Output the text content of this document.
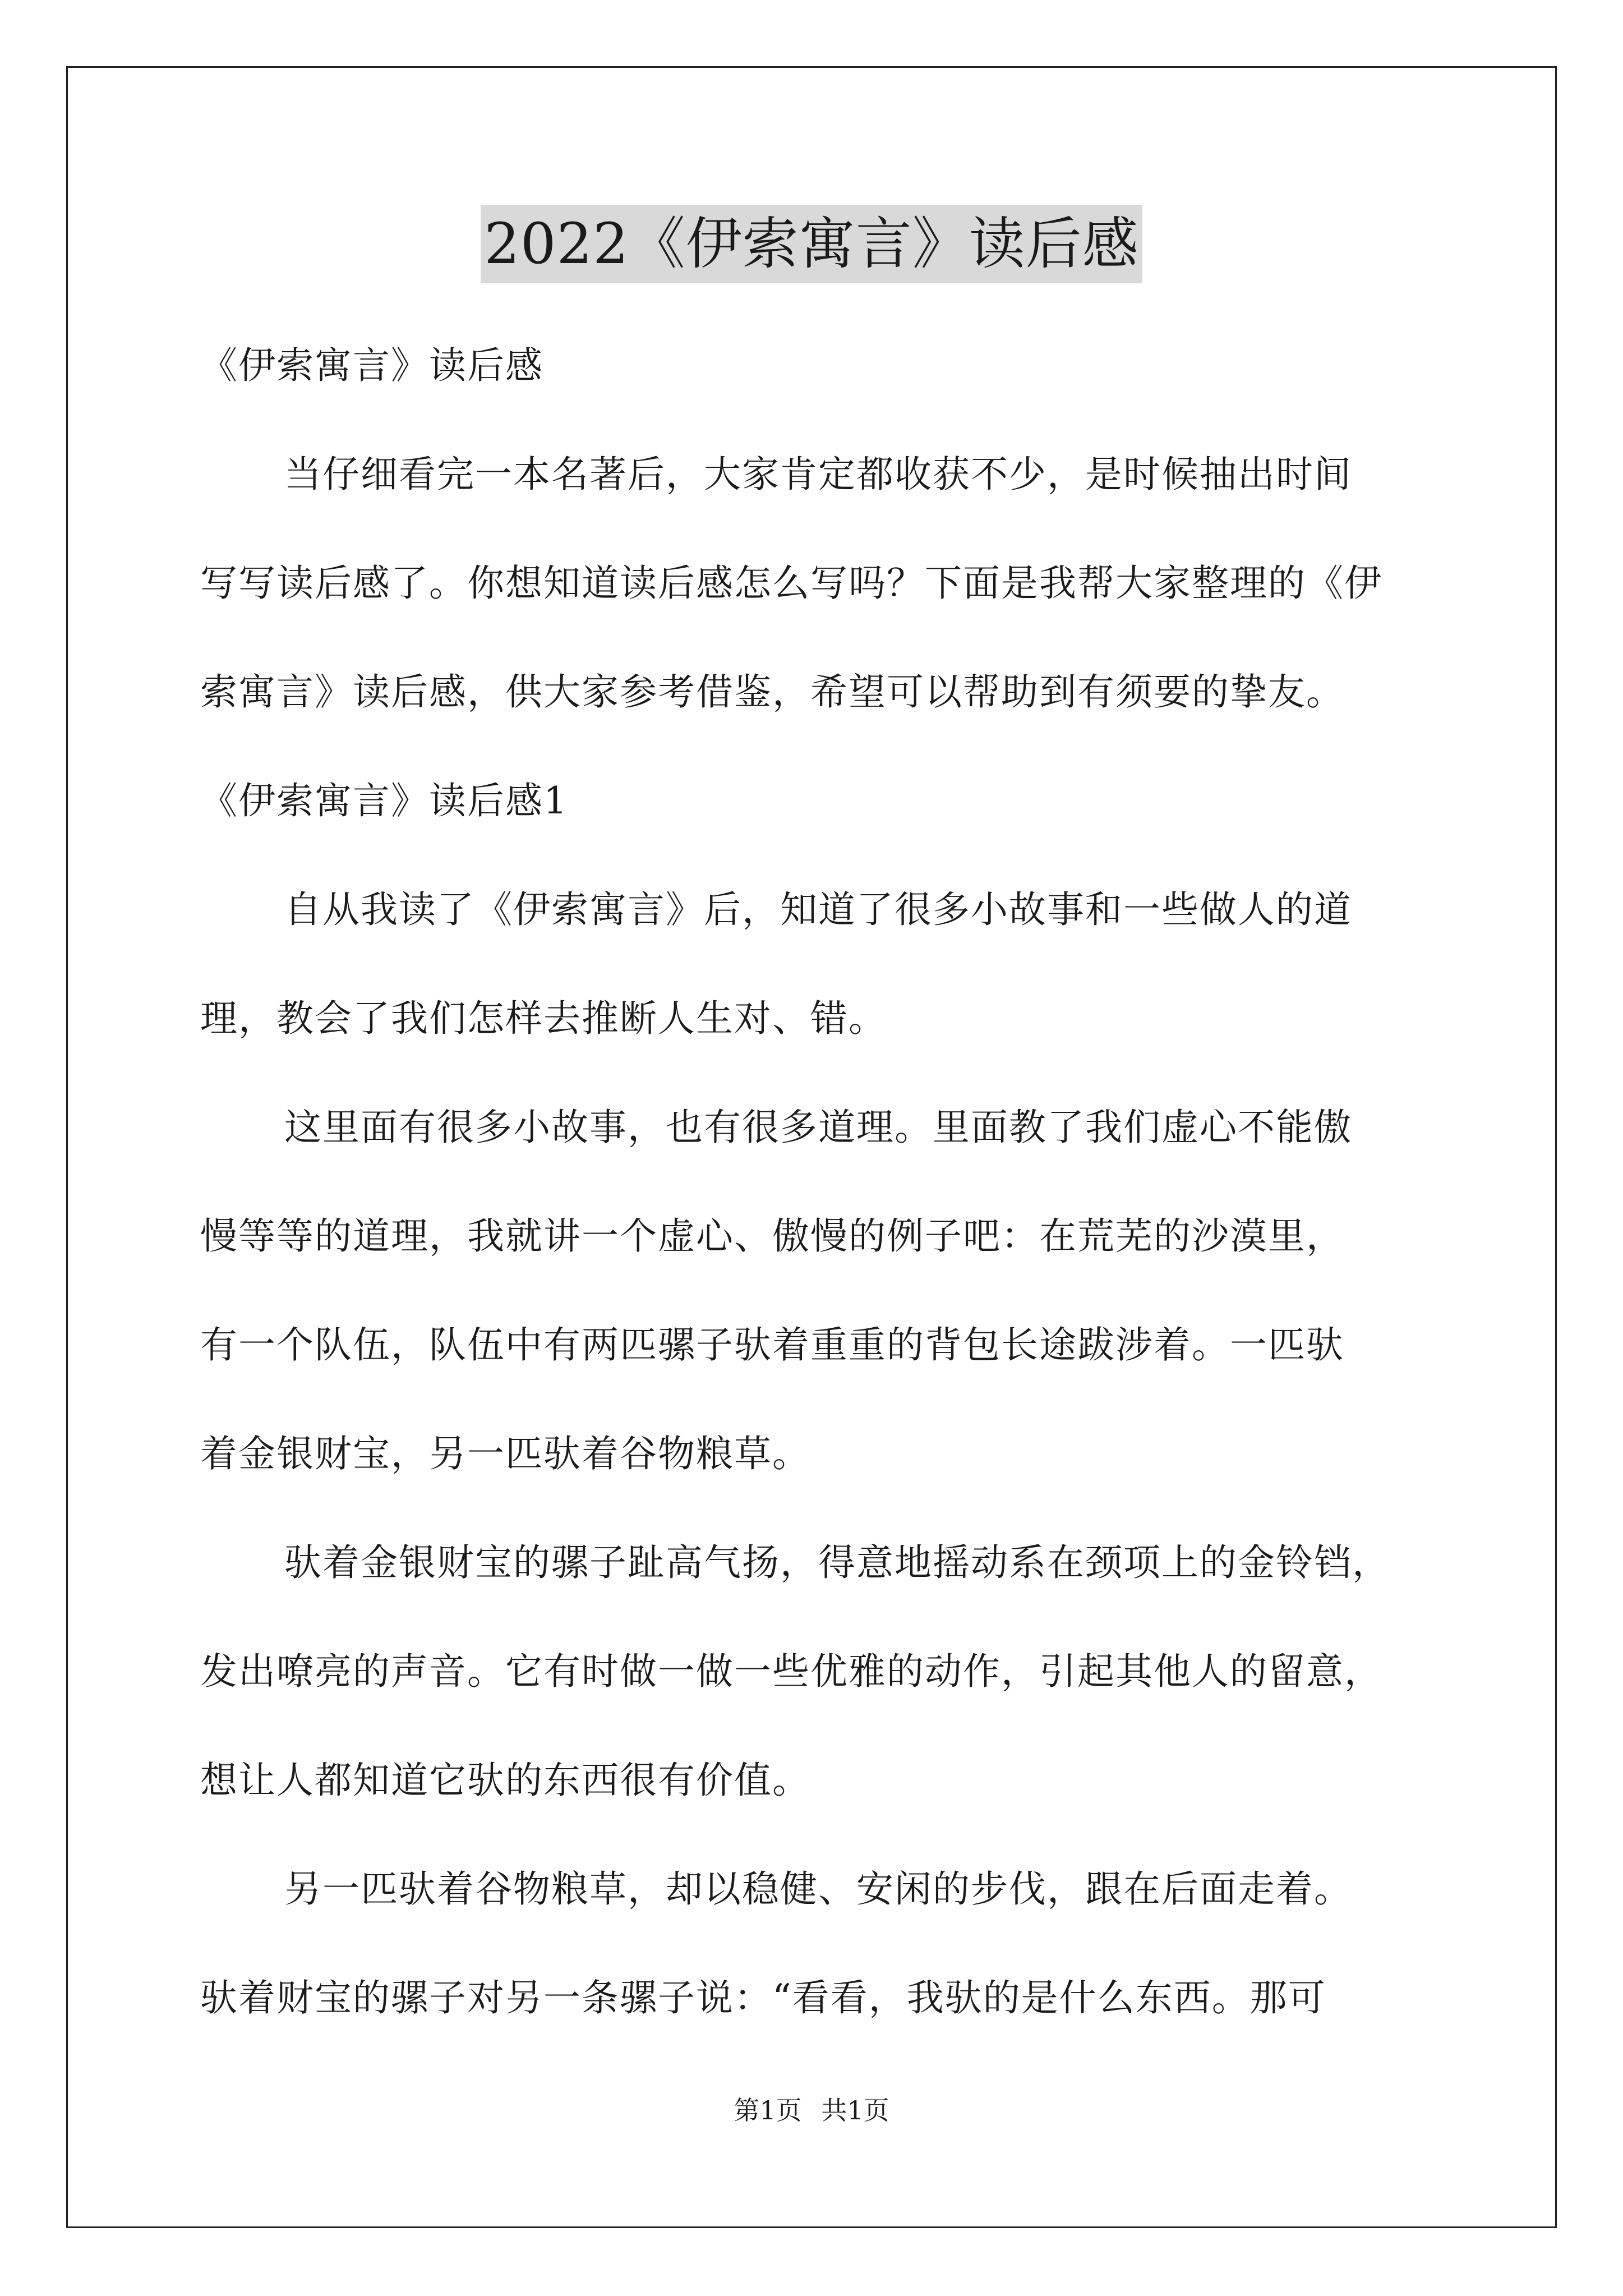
2022《伊索寓言》读后感
《伊索寓言》读后感
当仔细看完一本名著后，大家肯定都收获不少，是时候抽出时间
写写读后感了。你想知道读后感怎么写吗？下面是我帮大家整理的《伊
索寓言》读后感，供大家参考借鉴，希望可以帮助到有须要的挚友。
《伊索寓言》读后感1
自从我读了《伊索寓言》后，知道了很多小故事和一些做人的道
理，教会了我们怎样去推断人生对、错。
这里面有很多小故事，也有很多道理。里面教了我们虚心不能傲
慢等等的道理，我就讲一个虚心、傲慢的例子吧：在荒芜的沙漠里，
有一个队伍，队伍中有两匹骡子驮着重重的背包长途跋涉着。一匹驮
着金银财宝，另一匹驮着谷物粮草。
驮着金银财宝的骡子趾高气扬，得意地摇动系在颈项上的金铃铛，
发出嘹亮的声音。它有时做一做一些优雅的动作，引起其他人的留意，
想让人都知道它驮的东西很有价值。
另一匹驮着谷物粮草，却以稳健、安闲的步伐，跟在后面走着。
驮着财宝的骡子对另一条骡子说：“看看，我驮的是什么东西。那可
第1页 共1页
